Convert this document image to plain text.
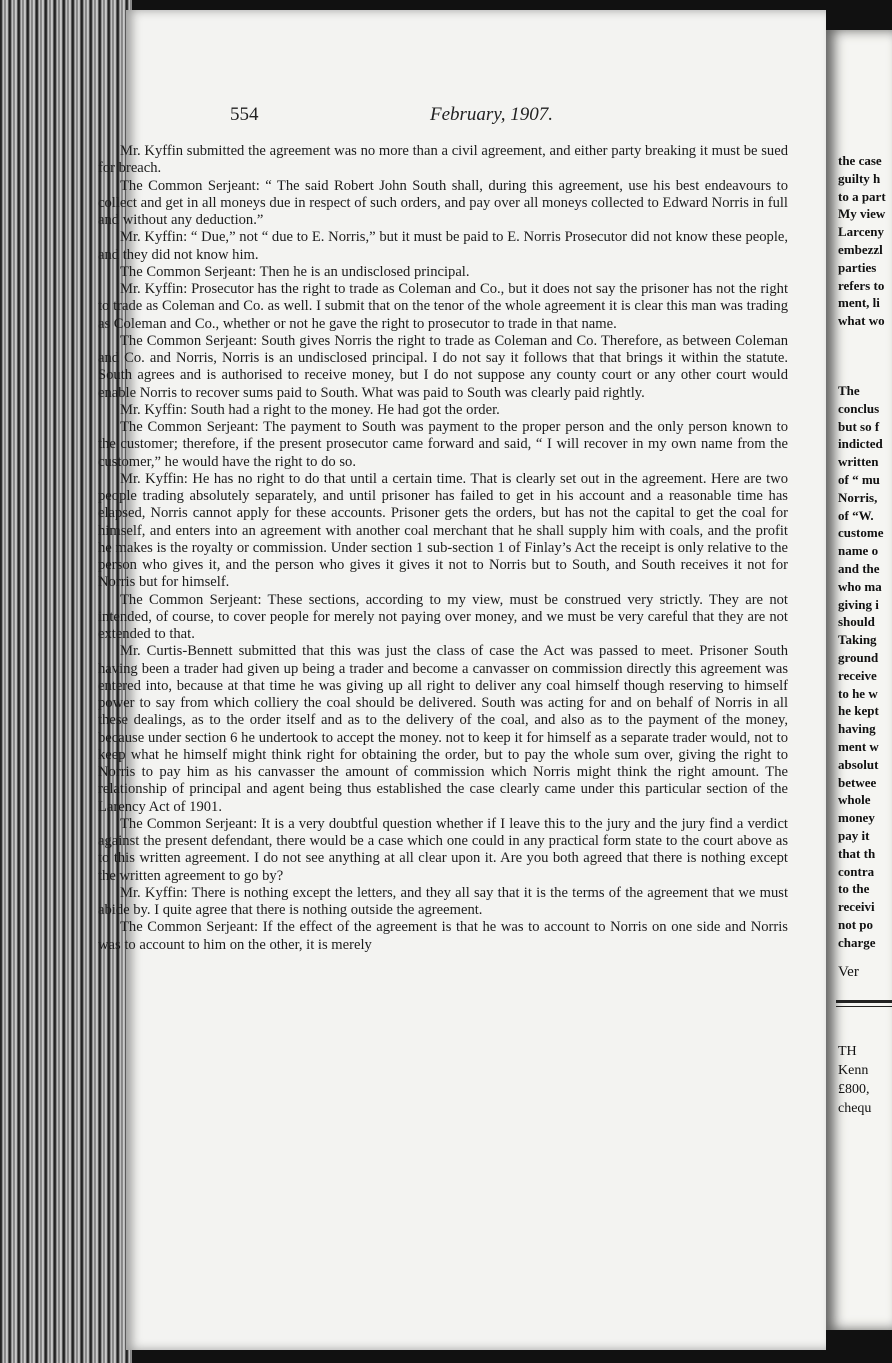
554	February, 1907.

Mr. Kyffin submitted the agreement was no more than a civil agreement, and either party breaking it must be sued for breach.

The Common Serjeant: “ The said Robert John South shall, during this agreement, use his best endeavours to collect and get in all moneys due in respect of such orders, and pay over all moneys collected to Edward Norris in full and without any deduction.”

Mr. Kyffin: “ Due,” not “ due to E. Norris,” but it must be paid to E. Norris Prosecutor did not know these people, and they did not know him.

The Common Serjeant: Then he is an undisclosed principal.

Mr. Kyffin: Prosecutor has the right to trade as Coleman and Co., but it does not say the prisoner has not the right to trade as Coleman and Co. as well. I submit that on the tenor of the whole agreement it is clear this man was trading as Coleman and Co., whether or not he gave the right to prosecutor to trade in that name.

The Common Serjeant: South gives Norris the right to trade as Coleman and Co. Therefore, as between Coleman and Co. and Norris, Norris is an undisclosed principal. I do not say it follows that that brings it within the statute. South agrees and is authorised to receive money, but I do not suppose any county court or any other court would enable Norris to recover sums paid to South. What was paid to South was clearly paid rightly.

Mr. Kyffin: South had a right to the money. He had got the order.

The Common Serjeant: The payment to South was payment to the proper person and the only person known to the customer; therefore, if the present prosecutor came forward and said, “ I will recover in my own name from the customer,” he would have the right to do so.

Mr. Kyffin: He has no right to do that until a certain time. That is clearly set out in the agreement. Here are two people trading absolutely separately, and until prisoner has failed to get in his account and a reasonable time has elapsed, Norris cannot apply for these accounts. Prisoner gets the orders, but has not the capital to get the coal for himself, and enters into an agreement with another coal merchant that he shall supply him with coals, and the profit he makes is the royalty or commission. Under section 1 sub-section 1 of Finlay’s Act the receipt is only relative to the person who gives it, and the person who gives it gives it not to Norris but to South, and South receives it not for Norris but for himself.

The Common Serjeant: These sections, according to my view, must be construed very strictly. They are not intended, of course, to cover people for merely not paying over money, and we must be very careful that they are not extended to that.

Mr. Curtis-Bennett submitted that this was just the class of case the Act was passed to meet. Prisoner South having been a trader had given up being a trader and become a canvasser on commission directly this agreement was entered into, because at that time he was giving up all right to deliver any coal himself though reserving to himself power to say from which colliery the coal should be delivered. South was acting for and on behalf of Norris in all these dealings, as to the order itself and as to the delivery of the coal, and also as to the payment of the money, because under section 6 he undertook to accept the money. not to keep it for himself as a separate trader would, not to keep what he himself might think right for obtaining the order, but to pay the whole sum over, giving the right to Norris to pay him as his canvasser the amount of commission which Norris might think the right amount. The relationship of principal and agent being thus established the case clearly came under this particular section of the Larency Act of 1901.

The Common Serjeant: It is a very doubtful question whether if I leave this to the jury and the jury find a verdict against the present defendant, there would be a case which one could in any practical form state to the court above as to this written agreement. I do not see anything at all clear upon it. Are you both agreed that there is nothing except the written agreement to go by?

Mr. Kyffin: There is nothing except the letters, and they all say that it is the terms of the agreement that we must abide by. I quite agree that there is nothing outside the agreement.

The Common Serjeant: If the effect of the agreement is that he was to account to Norris on one side and Norris was to account to him on the other, it is merely

the case
guilty h
to a part
My view
Larceny
embezzl
parties
refers to
ment, li
what wo
The
conclus
but so f
indicted
written
of “ mu
Norris,
of “W.
custome
name o
and the
who ma
giving i
should
Taking
ground
receive
to he w
he kept
having
ment w
absolut
betwee
whole
money
pay it
that th
contra
to the
receivi
not po
charge
Ver
TH
Kenn
£800,
chequ
